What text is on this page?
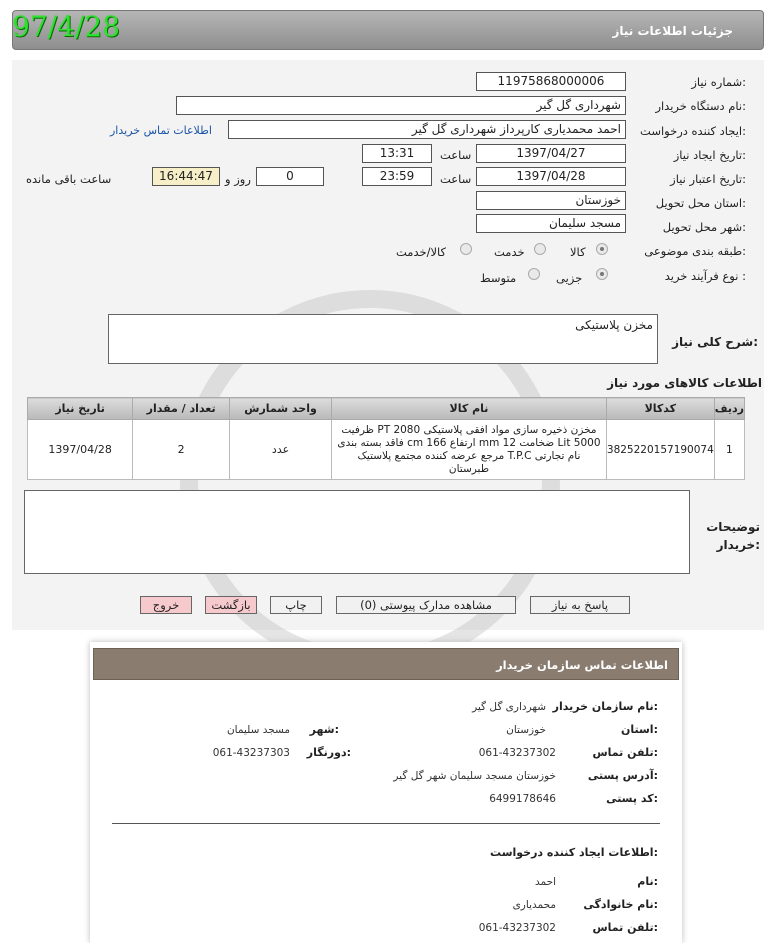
جزئیات اطلاعات نیاز
97/4/28
شماره نیاز:
11975868000006
نام دستگاه خریدار:
شهرداری گل گیر
ایجاد کننده درخواست:
احمد محمدیاری کارپرداز شهرداری گل گیر
اطلاعات تماس خریدار
تاریخ ایجاد نیاز:
1397/04/27
ساعت
13:31
تاریخ اعتبار نیاز:
1397/04/28
ساعت
23:59
0
روز و
16:44:47
ساعت باقی مانده
استان محل تحویل:
خوزستان
شهر محل تحویل:
مسجد سلیمان
طبقه بندی موضوعی:
کالا
خدمت
کالا/خدمت
نوع فرآیند خرید :
جزیی
متوسط
شرح کلی نیاز:
مخزن پلاستیکی
اطلاعات کالاهای مورد نیاز
ردیف	کدکالا	نام کالا	واحد شمارش	تعداد / مقدار	تاریخ نیاز
1	3825220157190074	مخزن ذخیره سازی مواد افقی پلاستیکی PT 2080 ظرفیت 5000 Lit ضخامت 12 mm ارتفاع 166 cm فاقد بسته بندی نام تجارتی T.P.C مرجع عرضه کننده مجتمع پلاستیک طبرستان	عدد	2	1397/04/28
توضیحات خریدار:
پاسخ به نیاز
مشاهده مدارک پیوستی (0)
چاپ
بازگشت
خروج
اطلاعات تماس سازمان خریدار
نام سازمان خریدار:
شهرداری گل گیر
استان:
خوزستان
شهر:
مسجد سلیمان
تلفن تماس:
061-43237302
دورنگار:
061-43237303
آدرس پستی:
خوزستان مسجد سلیمان شهر گل گیر
کد پستی:
6499178646
اطلاعات ایجاد کننده درخواست:
نام:
احمد
نام خانوادگی:
محمدیاری
تلفن تماس:
061-43237302
